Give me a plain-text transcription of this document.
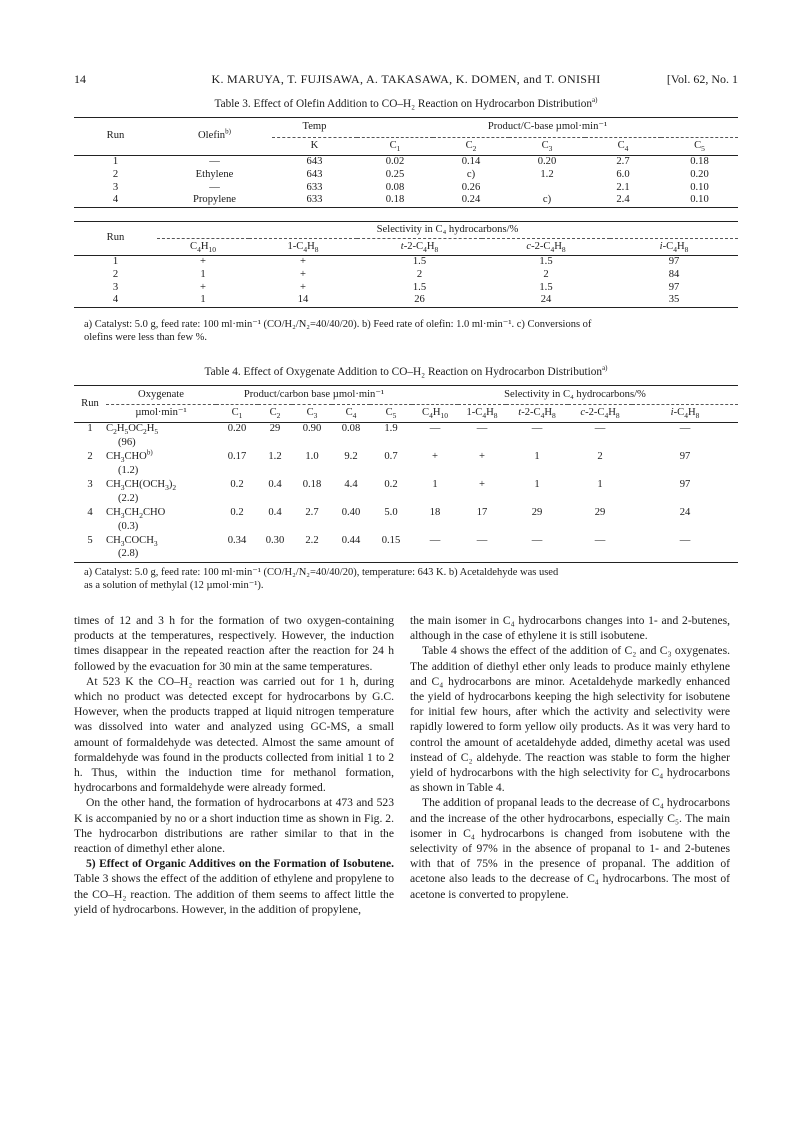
14	K. MARUYA, T. FUJISAWA, A. TAKASAWA, K. DOMEN, and T. ONISHI	[Vol. 62, No. 1
Table 3. Effect of Olefin Addition to CO–H₂ Reaction on Hydrocarbon Distribution$^{a)}$
Run	Olefin$^{b)}$	Temp	Product/C-base µmol·min⁻¹				
		K	$C_1$	$C_2$	$C_3$	$C_4$	$C_5$
1	—	643	0.02	0.14	0.20	2.7	0.18
2	Ethylene	643	0.25	c)	1.2	6.0	0.20
3	—	633	0.08	0.26		2.1	0.10
4	Propylene	633	0.18	0.24	c)	2.4	0.10
Run	Selectivity in C₄ hydrocarbons/%				
	$C_4H_{10}$	$1-C_4H_8$	$t-2-C_4H_8$	$c-2-C_4H_8$	$i-C_4H_8$
1	+	+	1.5	1.5	97
2	1	+	2	2	84
3	+	+	1.5	1.5	97
4	1	14	26	24	35
a) Catalyst: 5.0 g, feed rate: 100 ml·min⁻¹ (CO/H₂/N₂=40/40/20). b) Feed rate of olefin: 1.0 ml·min⁻¹. c) Conversions of
olefins were less than few %.
Table 4. Effect of Oxygenate Addition to CO–H₂ Reaction on Hydrocarbon Distribution$^{a)}$
Run	Oxygenate	Product/carbon base µmol·min⁻¹					Selectivity in C₄ hydrocarbons/%				
	µmol·min⁻¹	$C_1$	$C_2$	$C_3$	$C_4$	$C_5$	$C_4H_{10}$	$1-C_4H_8$	$t-2-C_4H_8$	$c-2-C_4H_8$	$i-C_4H_8$
1	$C_2H_5OC_2H_5$	0.20	29	0.90	0.08	1.9	—	—	—	—	—
	(96)										
2	$CH_3CHO^{b)}$	0.17	1.2	1.0	9.2	0.7	+	+	1	2	97
	(1.2)										
3	$CH_3CH(OCH_3)_2$	0.2	0.4	0.18	4.4	0.2	1	+	1	1	97
	(2.2)										
4	$CH_3CH_2CHO$	0.2	0.4	2.7	0.40	5.0	18	17	29	29	24
	(0.3)										
5	$CH_3COCH_3$	0.34	0.30	2.2	0.44	0.15	—	—	—	—	—
	(2.8)										
a) Catalyst: 5.0 g, feed rate: 100 ml·min⁻¹ (CO/H₂/N₂=40/40/20), temperature: 643 K. b) Acetaldehyde was used
as a solution of methylal (12 µmol·min⁻¹).

times of 12 and 3 h for the formation of two oxygen-containing products at the temperatures, respectively. However, the induction times disappear in the repeated reaction after the reaction for 24 h followed by the evacuation for 30 min at the same temperatures.

At 523 K the CO–H₂ reaction was carried out for 1 h, during which no product was detected except for hydrocarbons by G.C. However, when the products trapped at liquid nitrogen temperature was dissolved into water and analyzed using GC-MS, a small amount of formaldehyde was detected. Almost the same amount of formaldehyde was found in the products collected from initial 1 to 2 h. Thus, within the induction time for methanol formation, hydrocarbons and formaldehyde were already formed.

On the other hand, the formation of hydrocarbons at 473 and 523 K is accompanied by no or a short induction time as shown in Fig. 2. The hydrocarbon distributions are rather similar to that in the reaction of dimethyl ether alone.

5) Effect of Organic Additives on the Formation of Isobutene. Table 3 shows the effect of the addition of ethylene and propylene to the CO–H₂ reaction. The addition of them seems to affect little the yield of hydrocarbons. However, in the addition of propylene,

the main isomer in C₄ hydrocarbons changes into 1- and 2-butenes, although in the case of ethylene it is still isobutene.

Table 4 shows the effect of the addition of C₂ and C₃ oxygenates. The addition of diethyl ether only leads to produce mainly ethylene and C₄ hydrocarbons are minor. Acetaldehyde markedly enhanced the yield of hydrocarbons keeping the high selectivity for isobutene for initial few hours, after which the activity and selectivity were rapidly lowered to form yellow oily products. As it was very hard to control the amount of acetaldehyde added, dimethy acetal was used instead of C₂ aldehyde. The reaction was stable to form the higher yield of hydrocarbons with the high selectivity for C₄ hydrocarbons as shown in Table 4.

The addition of propanal leads to the decrease of C₄ hydrocarbons and the increase of the other hydrocarbons, especially C₅. The main isomer in C₄ hydrocarbons is changed from isobutene with the selectivity of 97% in the absence of propanal to 1- and 2-butenes with that of 75% in the presence of propanal. The addition of acetone also leads to the decrease of C₄ hydrocarbons. The most of acetone is converted to propylene.
